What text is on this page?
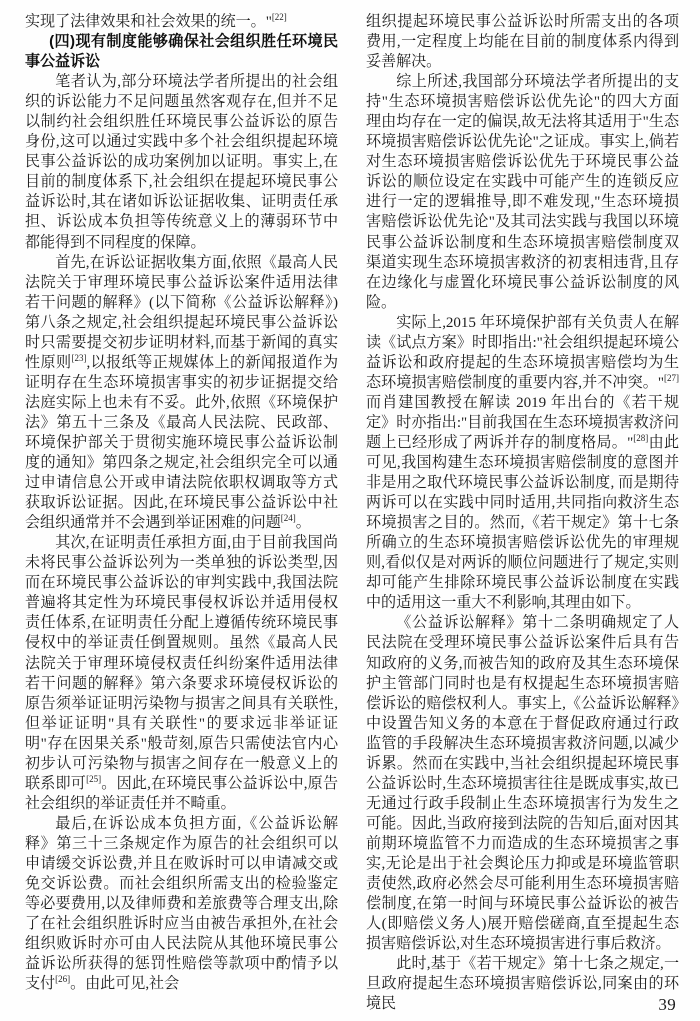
实现了法律效果和社会效果的统一。"[22]

(四)现有制度能够确保社会组织胜任环境民事公益诉讼

笔者认为,部分环境法学者所提出的社会组织的诉讼能力不足问题虽然客观存在,但并不足以制约社会组织胜任环境民事公益诉讼的原告身份,这可以通过实践中多个社会组织提起环境民事公益诉讼的成功案例加以证明。事实上,在目前的制度体系下,社会组织在提起环境民事公益诉讼时,其在诸如诉讼证据收集、证明责任承担、诉讼成本负担等传统意义上的薄弱环节中都能得到不同程度的保障。

首先,在诉讼证据收集方面,依照《最高人民法院关于审理环境民事公益诉讼案件适用法律若干问题的解释》(以下简称《公益诉讼解释》)第八条之规定,社会组织提起环境民事公益诉讼时只需要提交初步证明材料,而基于新闻的真实性原则[23],以报纸等正规媒体上的新闻报道作为证明存在生态环境损害事实的初步证据提交给法庭实际上也未有不妥。此外,依照《环境保护法》第五十三条及《最高人民法院、民政部、环境保护部关于贯彻实施环境民事公益诉讼制度的通知》第四条之规定,社会组织完全可以通过申请信息公开或申请法院依职权调取等方式获取诉讼证据。因此,在环境民事公益诉讼中社会组织通常并不会遇到举证困难的问题[24]。

其次,在证明责任承担方面,由于目前我国尚未将民事公益诉讼列为一类单独的诉讼类型,因而在环境民事公益诉讼的审判实践中,我国法院普遍将其定性为环境民事侵权诉讼并适用侵权责任体系,在证明责任分配上遵循传统环境民事侵权中的举证责任倒置规则。虽然《最高人民法院关于审理环境侵权责任纠纷案件适用法律若干问题的解释》第六条要求环境侵权诉讼的原告须举证证明污染物与损害之间具有关联性,但举证证明"具有关联性"的要求远非举证证明"存在因果关系"般苛刻,原告只需使法官内心初步认可污染物与损害之间存在一般意义上的联系即可[25]。因此,在环境民事公益诉讼中,原告社会组织的举证责任并不畸重。

最后,在诉讼成本负担方面,《公益诉讼解释》第三十三条规定作为原告的社会组织可以申请缓交诉讼费,并且在败诉时可以申请减交或免交诉讼费。而社会组织所需支出的检验鉴定等必要费用,以及律师费和差旅费等合理支出,除了在社会组织胜诉时应当由被告承担外,在社会组织败诉时亦可由人民法院从其他环境民事公益诉讼所获得的惩罚性赔偿等款项中酌情予以支付[26]。由此可见,社会

组织提起环境民事公益诉讼时所需支出的各项费用,一定程度上均能在目前的制度体系内得到妥善解决。

综上所述,我国部分环境法学者所提出的支持"生态环境损害赔偿诉讼优先论"的四大方面理由均存在一定的偏误,故无法将其适用于"生态环境损害赔偿诉讼优先论"之证成。事实上,倘若对生态环境损害赔偿诉讼优先于环境民事公益诉讼的顺位设定在实践中可能产生的连锁反应进行一定的逻辑推导,即不难发现,"生态环境损害赔偿诉讼优先论"及其司法实践与我国以环境民事公益诉讼制度和生态环境损害赔偿制度双渠道实现生态环境损害救济的初衷相违背,且存在边缘化与虚置化环境民事公益诉讼制度的风险。

实际上,2015 年环境保护部有关负责人在解读《试点方案》时即指出:"社会组织提起环境公益诉讼和政府提起的生态环境损害赔偿均为生态环境损害赔偿制度的重要内容,并不冲突。"[27]而肖建国教授在解读 2019 年出台的《若干规定》时亦指出:"目前我国在生态环境损害救济问题上已经形成了两诉并存的制度格局。"[28]由此可见,我国构建生态环境损害赔偿制度的意图并非是用之取代环境民事公益诉讼制度, 而是期待两诉可以在实践中同时适用,共同指向救济生态环境损害之目的。然而,《若干规定》第十七条所确立的生态环境损害赔偿诉讼优先的审理规则,看似仅是对两诉的顺位问题进行了规定,实则却可能产生排除环境民事公益诉讼制度在实践中的适用这一重大不利影响,其理由如下。

《公益诉讼解释》第十二条明确规定了人民法院在受理环境民事公益诉讼案件后具有告知政府的义务,而被告知的政府及其生态环境保护主管部门同时也是有权提起生态环境损害赔偿诉讼的赔偿权利人。事实上,《公益诉讼解释》中设置告知义务的本意在于督促政府通过行政监管的手段解决生态环境损害救济问题,以减少诉累。然而在实践中,当社会组织提起环境民事公益诉讼时,生态环境损害往往是既成事实,故已无通过行政手段制止生态环境损害行为发生之可能。因此,当政府接到法院的告知后,面对因其前期环境监管不力而造成的生态环境损害之事实,无论是出于社会舆论压力抑或是环境监管职责使然,政府必然会尽可能利用生态环境损害赔偿制度,在第一时间与环境民事公益诉讼的被告人(即赔偿义务人)展开赔偿磋商,直至提起生态损害赔偿诉讼,对生态环境损害进行事后救济。

此时,基于《若干规定》第十七条之规定,一旦政府提起生态环境损害赔偿诉讼,同案由的环境民	39
